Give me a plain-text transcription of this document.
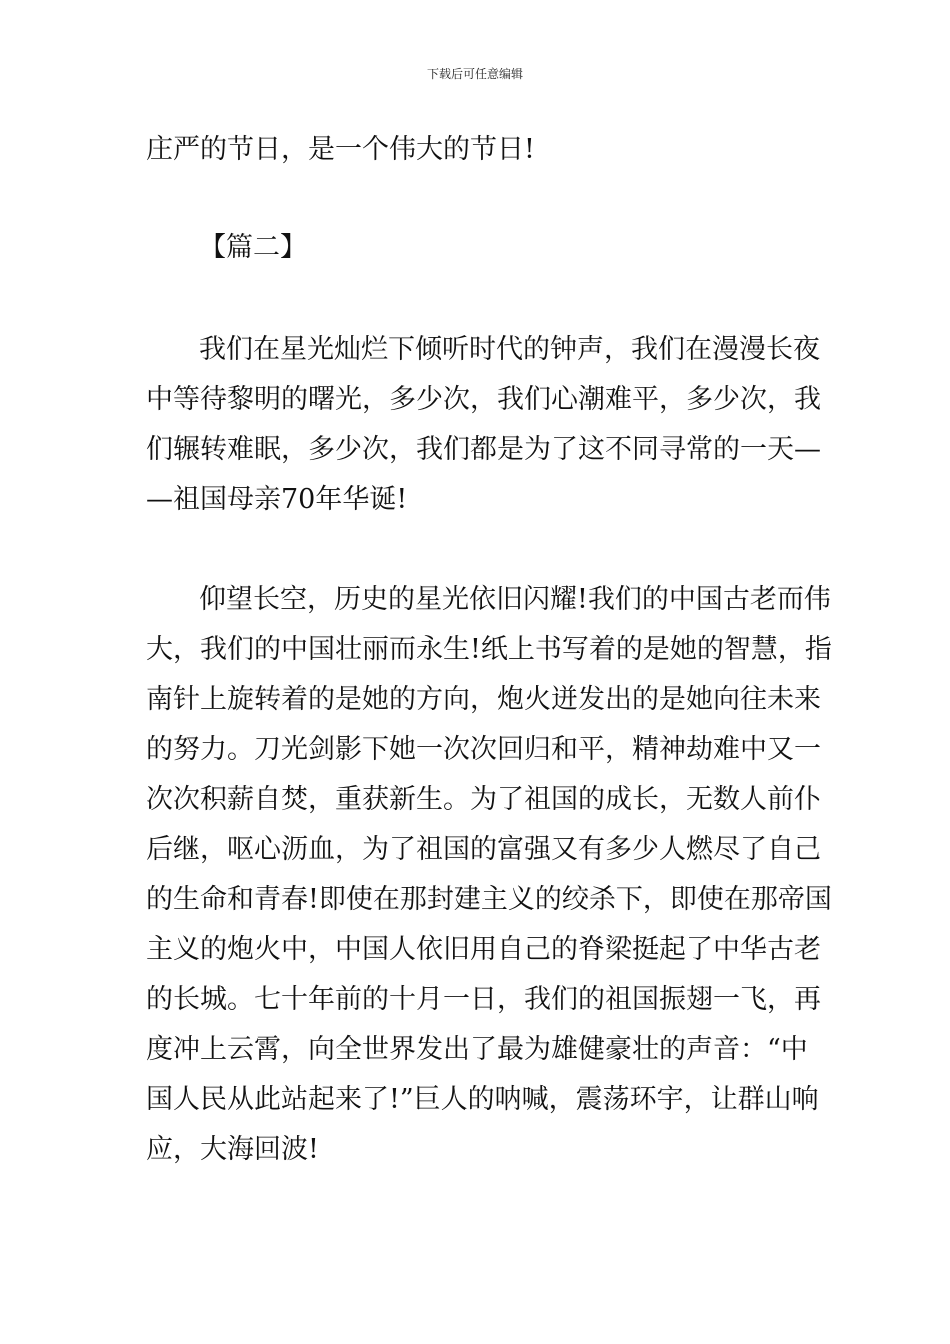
下载后可任意编辑
庄严的节日，是一个伟大的节日!
【篇二】
我们在星光灿烂下倾听时代的钟声，我们在漫漫长夜
中等待黎明的曙光，多少次，我们心潮难平，多少次，我
们辗转难眠，多少次，我们都是为了这不同寻常的一天—
—祖国母亲70年华诞!
仰望长空，历史的星光依旧闪耀!我们的中国古老而伟
大，我们的中国壮丽而永生!纸上书写着的是她的智慧，指
南针上旋转着的是她的方向，炮火迸发出的是她向往未来
的努力。刀光剑影下她一次次回归和平，精神劫难中又一
次次积薪自焚，重获新生。为了祖国的成长，无数人前仆
后继，呕心沥血，为了祖国的富强又有多少人燃尽了自己
的生命和青春!即使在那封建主义的绞杀下，即使在那帝国
主义的炮火中，中国人依旧用自己的脊梁挺起了中华古老
的长城。七十年前的十月一日，我们的祖国振翅一飞，再
度冲上云霄，向全世界发出了最为雄健豪壮的声音：“中
国人民从此站起来了!”巨人的呐喊，震荡环宇，让群山响
应，大海回波!
